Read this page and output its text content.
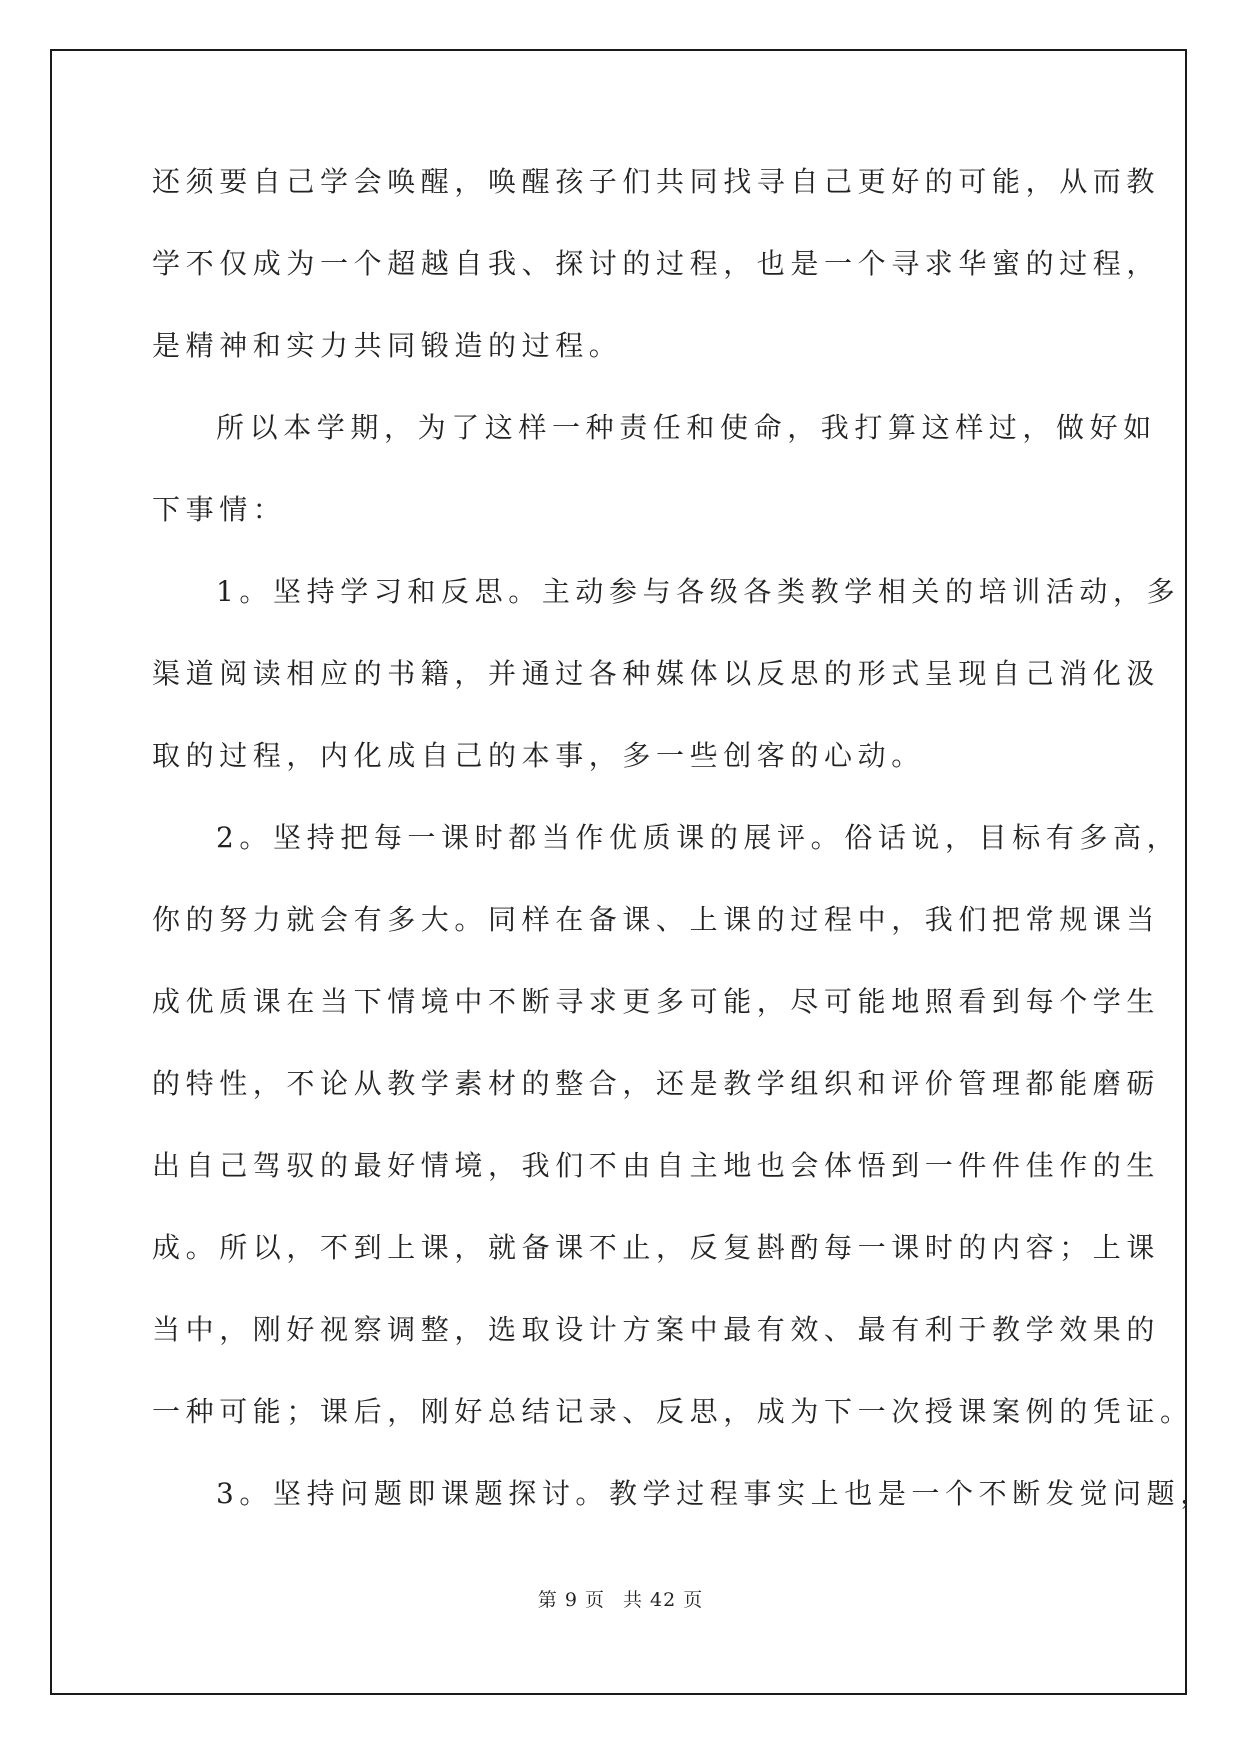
还须要自己学会唤醒，唤醒孩子们共同找寻自己更好的可能，从而教
学不仅成为一个超越自我、探讨的过程，也是一个寻求华蜜的过程，
是精神和实力共同锻造的过程。
所以本学期，为了这样一种责任和使命，我打算这样过，做好如
下事情：
1。坚持学习和反思。主动参与各级各类教学相关的培训活动，多
渠道阅读相应的书籍，并通过各种媒体以反思的形式呈现自己消化汲
取的过程，内化成自己的本事，多一些创客的心动。
2。坚持把每一课时都当作优质课的展评。俗话说，目标有多高，
你的努力就会有多大。同样在备课、上课的过程中，我们把常规课当
成优质课在当下情境中不断寻求更多可能，尽可能地照看到每个学生
的特性，不论从教学素材的整合，还是教学组织和评价管理都能磨砺
出自己驾驭的最好情境，我们不由自主地也会体悟到一件件佳作的生
成。所以，不到上课，就备课不止，反复斟酌每一课时的内容；上课
当中，刚好视察调整，选取设计方案中最有效、最有利于教学效果的
一种可能；课后，刚好总结记录、反思，成为下一次授课案例的凭证。
3。坚持问题即课题探讨。教学过程事实上也是一个不断发觉问题，
第 9 页 共 42 页
